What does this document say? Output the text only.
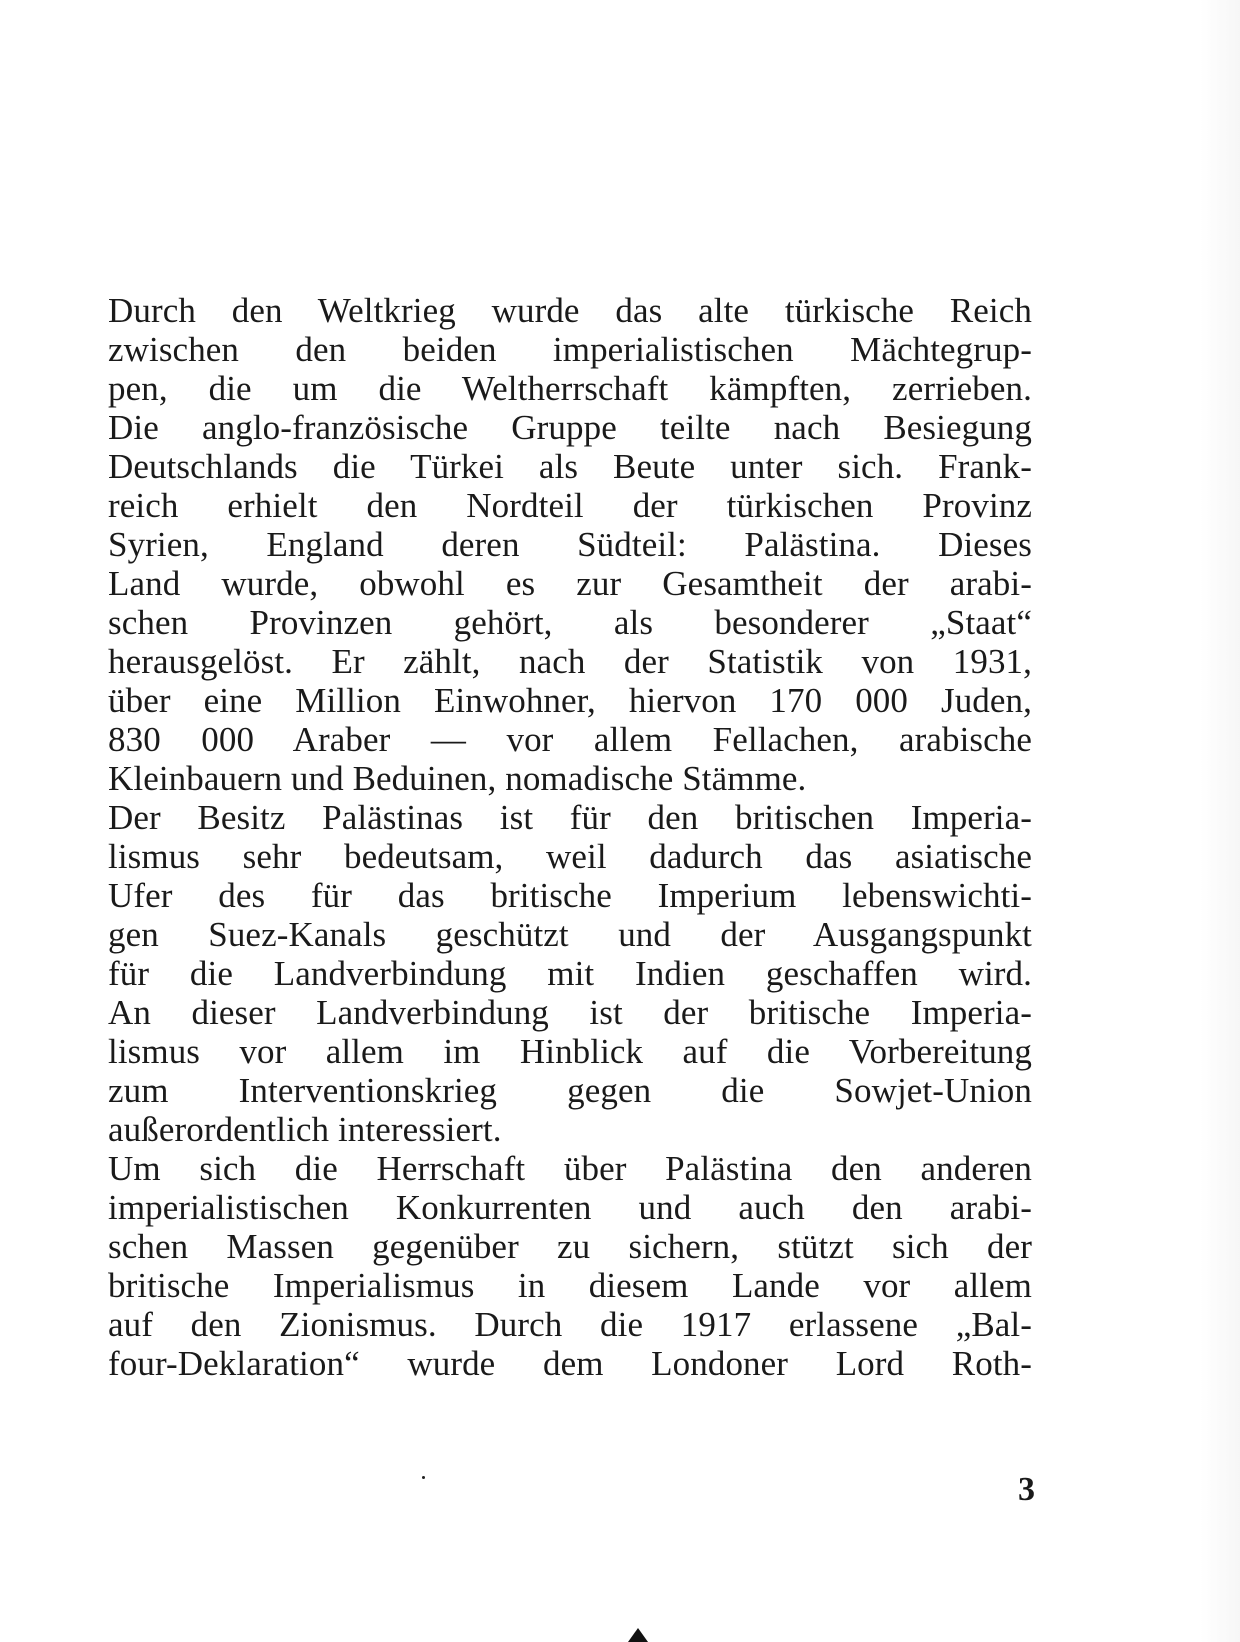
Durch den Weltkrieg wurde das alte türkische Reich
zwischen den beiden imperialistischen Mächtegrup-
pen, die um die Weltherrschaft kämpften, zerrieben.
Die anglo-französische Gruppe teilte nach Besiegung
Deutschlands die Türkei als Beute unter sich. Frank-
reich erhielt den Nordteil der türkischen Provinz
Syrien, England deren Südteil: Palästina. Dieses
Land wurde, obwohl es zur Gesamtheit der arabi-
schen Provinzen gehört, als besonderer „Staat“
herausgelöst. Er zählt, nach der Statistik von 1931,
über eine Million Einwohner, hiervon 170 000 Juden,
830 000 Araber — vor allem Fellachen, arabische
Kleinbauern und Beduinen, nomadische Stämme.
Der Besitz Palästinas ist für den britischen Imperia-
lismus sehr bedeutsam, weil dadurch das asiatische
Ufer des für das britische Imperium lebenswichti-
gen Suez-Kanals geschützt und der Ausgangspunkt
für die Landverbindung mit Indien geschaffen wird.
An dieser Landverbindung ist der britische Imperia-
lismus vor allem im Hinblick auf die Vorbereitung
zum Interventionskrieg gegen die Sowjet-Union
außerordentlich interessiert.
Um sich die Herrschaft über Palästina den anderen
imperialistischen Konkurrenten und auch den arabi-
schen Massen gegenüber zu sichern, stützt sich der
britische Imperialismus in diesem Lande vor allem
auf den Zionismus. Durch die 1917 erlassene „Bal-
four-Deklaration“ wurde dem Londoner Lord Roth-
3
